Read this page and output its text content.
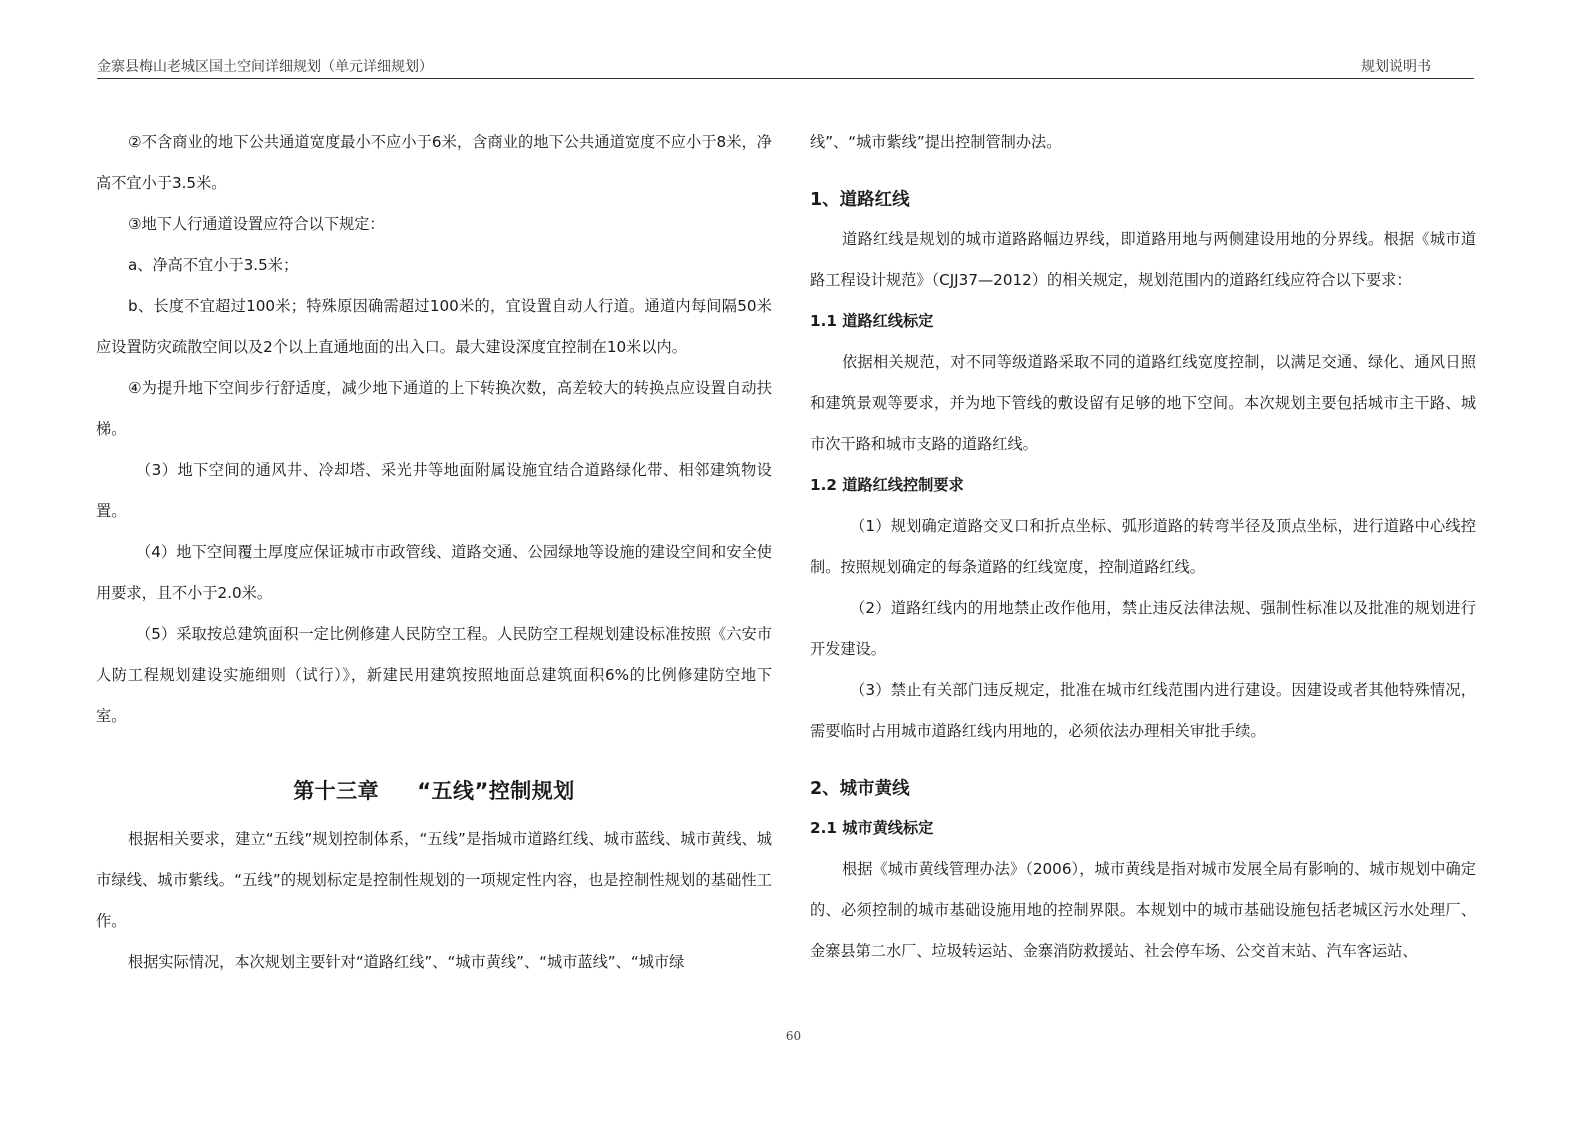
金寨县梅山老城区国土空间详细规划（单元详细规划）	规划说明书

②不含商业的地下公共通道宽度最小不应小于6米，含商业的地下公共通道宽度不应小于8米，净高不宜小于3.5米。

③地下人行通道设置应符合以下规定：

a、净高不宜小于3.5米；

b、长度不宜超过100米；特殊原因确需超过100米的，宜设置自动人行道。通道内每间隔50米应设置防灾疏散空间以及2个以上直通地面的出入口。最大建设深度宜控制在10米以内。

④为提升地下空间步行舒适度，减少地下通道的上下转换次数，高差较大的转换点应设置自动扶梯。

（3）地下空间的通风井、冷却塔、采光井等地面附属设施宜结合道路绿化带、相邻建筑物设置。

（4）地下空间覆土厚度应保证城市市政管线、道路交通、公园绿地等设施的建设空间和安全使用要求，且不小于2.0米。

（5）采取按总建筑面积一定比例修建人民防空工程。人民防空工程规划建设标准按照《六安市人防工程规划建设实施细则（试行）》，新建民用建筑按照地面总建筑面积6%的比例修建防空地下室。

第十三章 “五线”控制规划

根据相关要求，建立“五线”规划控制体系，“五线”是指城市道路红线、城市蓝线、城市黄线、城市绿线、城市紫线。“五线”的规划标定是控制性规划的一项规定性内容，也是控制性规划的基础性工作。

根据实际情况，本次规划主要针对“道路红线”、“城市黄线”、“城市蓝线”、“城市绿

线”、“城市紫线”提出控制管制办法。

1、道路红线

道路红线是规划的城市道路路幅边界线，即道路用地与两侧建设用地的分界线。根据《城市道路工程设计规范》（CJJ37—2012）的相关规定，规划范围内的道路红线应符合以下要求：

1.1 道路红线标定

依据相关规范，对不同等级道路采取不同的道路红线宽度控制，以满足交通、绿化、通风日照和建筑景观等要求，并为地下管线的敷设留有足够的地下空间。本次规划主要包括城市主干路、城市次干路和城市支路的道路红线。

1.2 道路红线控制要求

（1）规划确定道路交叉口和折点坐标、弧形道路的转弯半径及顶点坐标，进行道路中心线控制。按照规划确定的每条道路的红线宽度，控制道路红线。

（2）道路红线内的用地禁止改作他用，禁止违反法律法规、强制性标准以及批准的规划进行开发建设。

（3）禁止有关部门违反规定，批准在城市红线范围内进行建设。因建设或者其他特殊情况，需要临时占用城市道路红线内用地的，必须依法办理相关审批手续。

2、城市黄线
2.1 城市黄线标定

根据《城市黄线管理办法》（2006），城市黄线是指对城市发展全局有影响的、城市规划中确定的、必须控制的城市基础设施用地的控制界限。本规划中的城市基础设施包括老城区污水处理厂、金寨县第二水厂、垃圾转运站、金寨消防救援站、社会停车场、公交首末站、汽车客运站、

60
